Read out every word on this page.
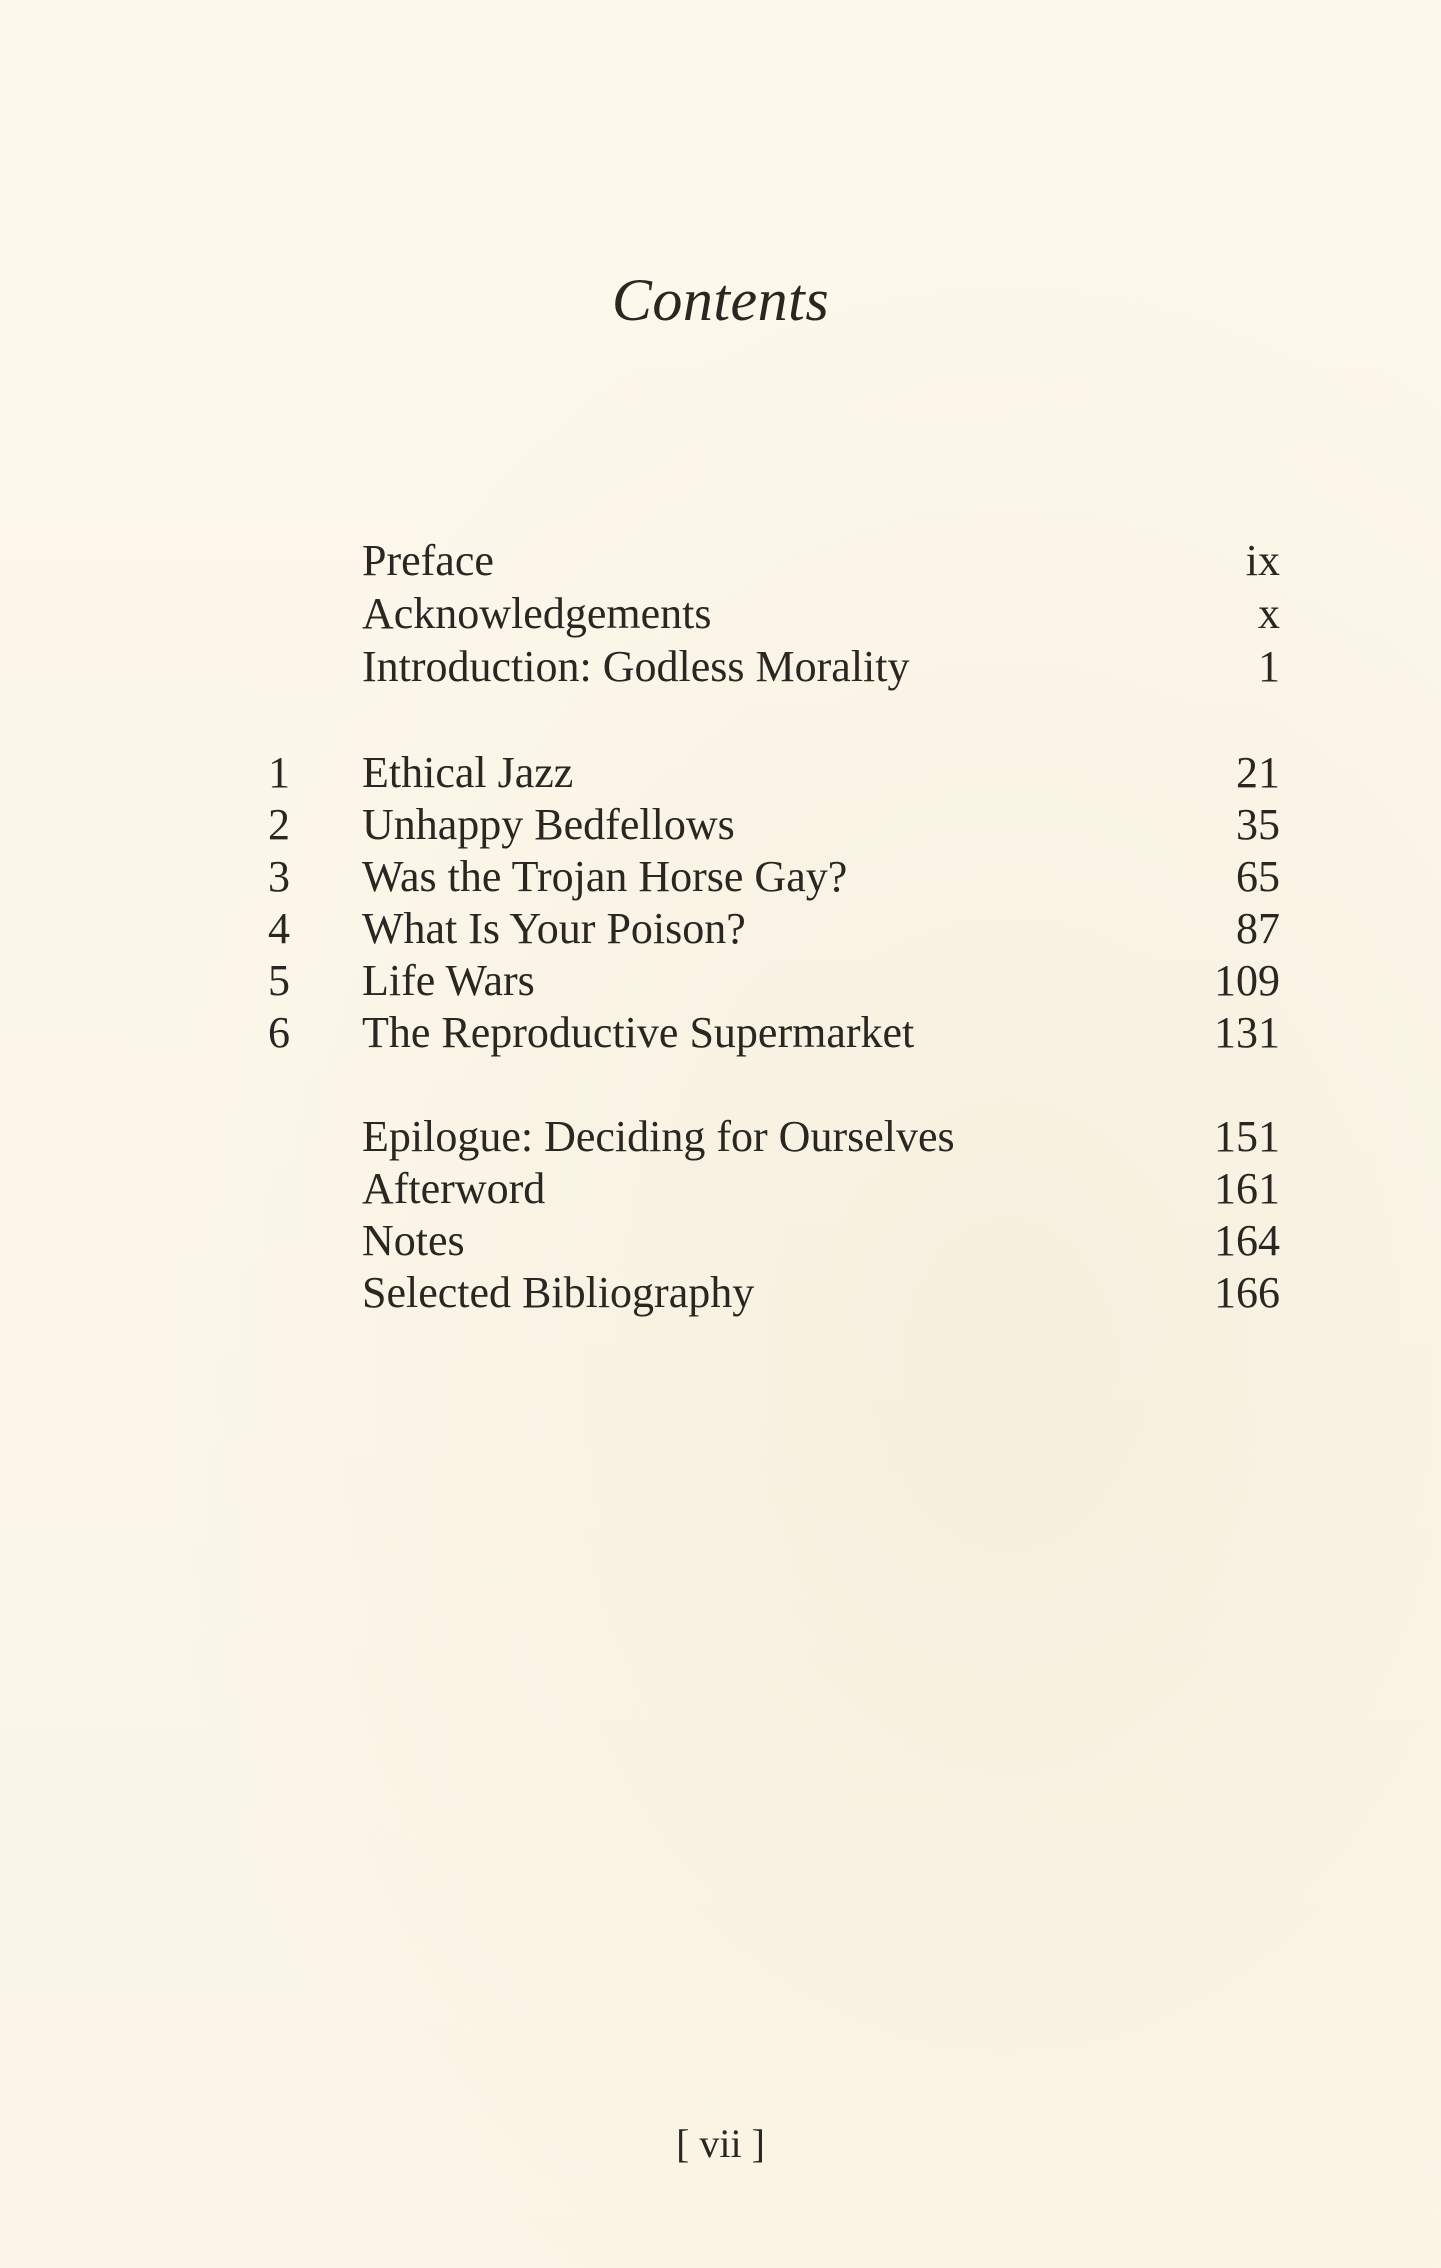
Contents
Preface	ix
Acknowledgements	x
Introduction: Godless Morality	1
1 Ethical Jazz	21
2 Unhappy Bedfellows	35
3 Was the Trojan Horse Gay?	65
4 What Is Your Poison?	87
5 Life Wars	109
6 The Reproductive Supermarket	131
Epilogue: Deciding for Ourselves	151
Afterword	161
Notes	164
Selected Bibliography	166
[ vii ]
